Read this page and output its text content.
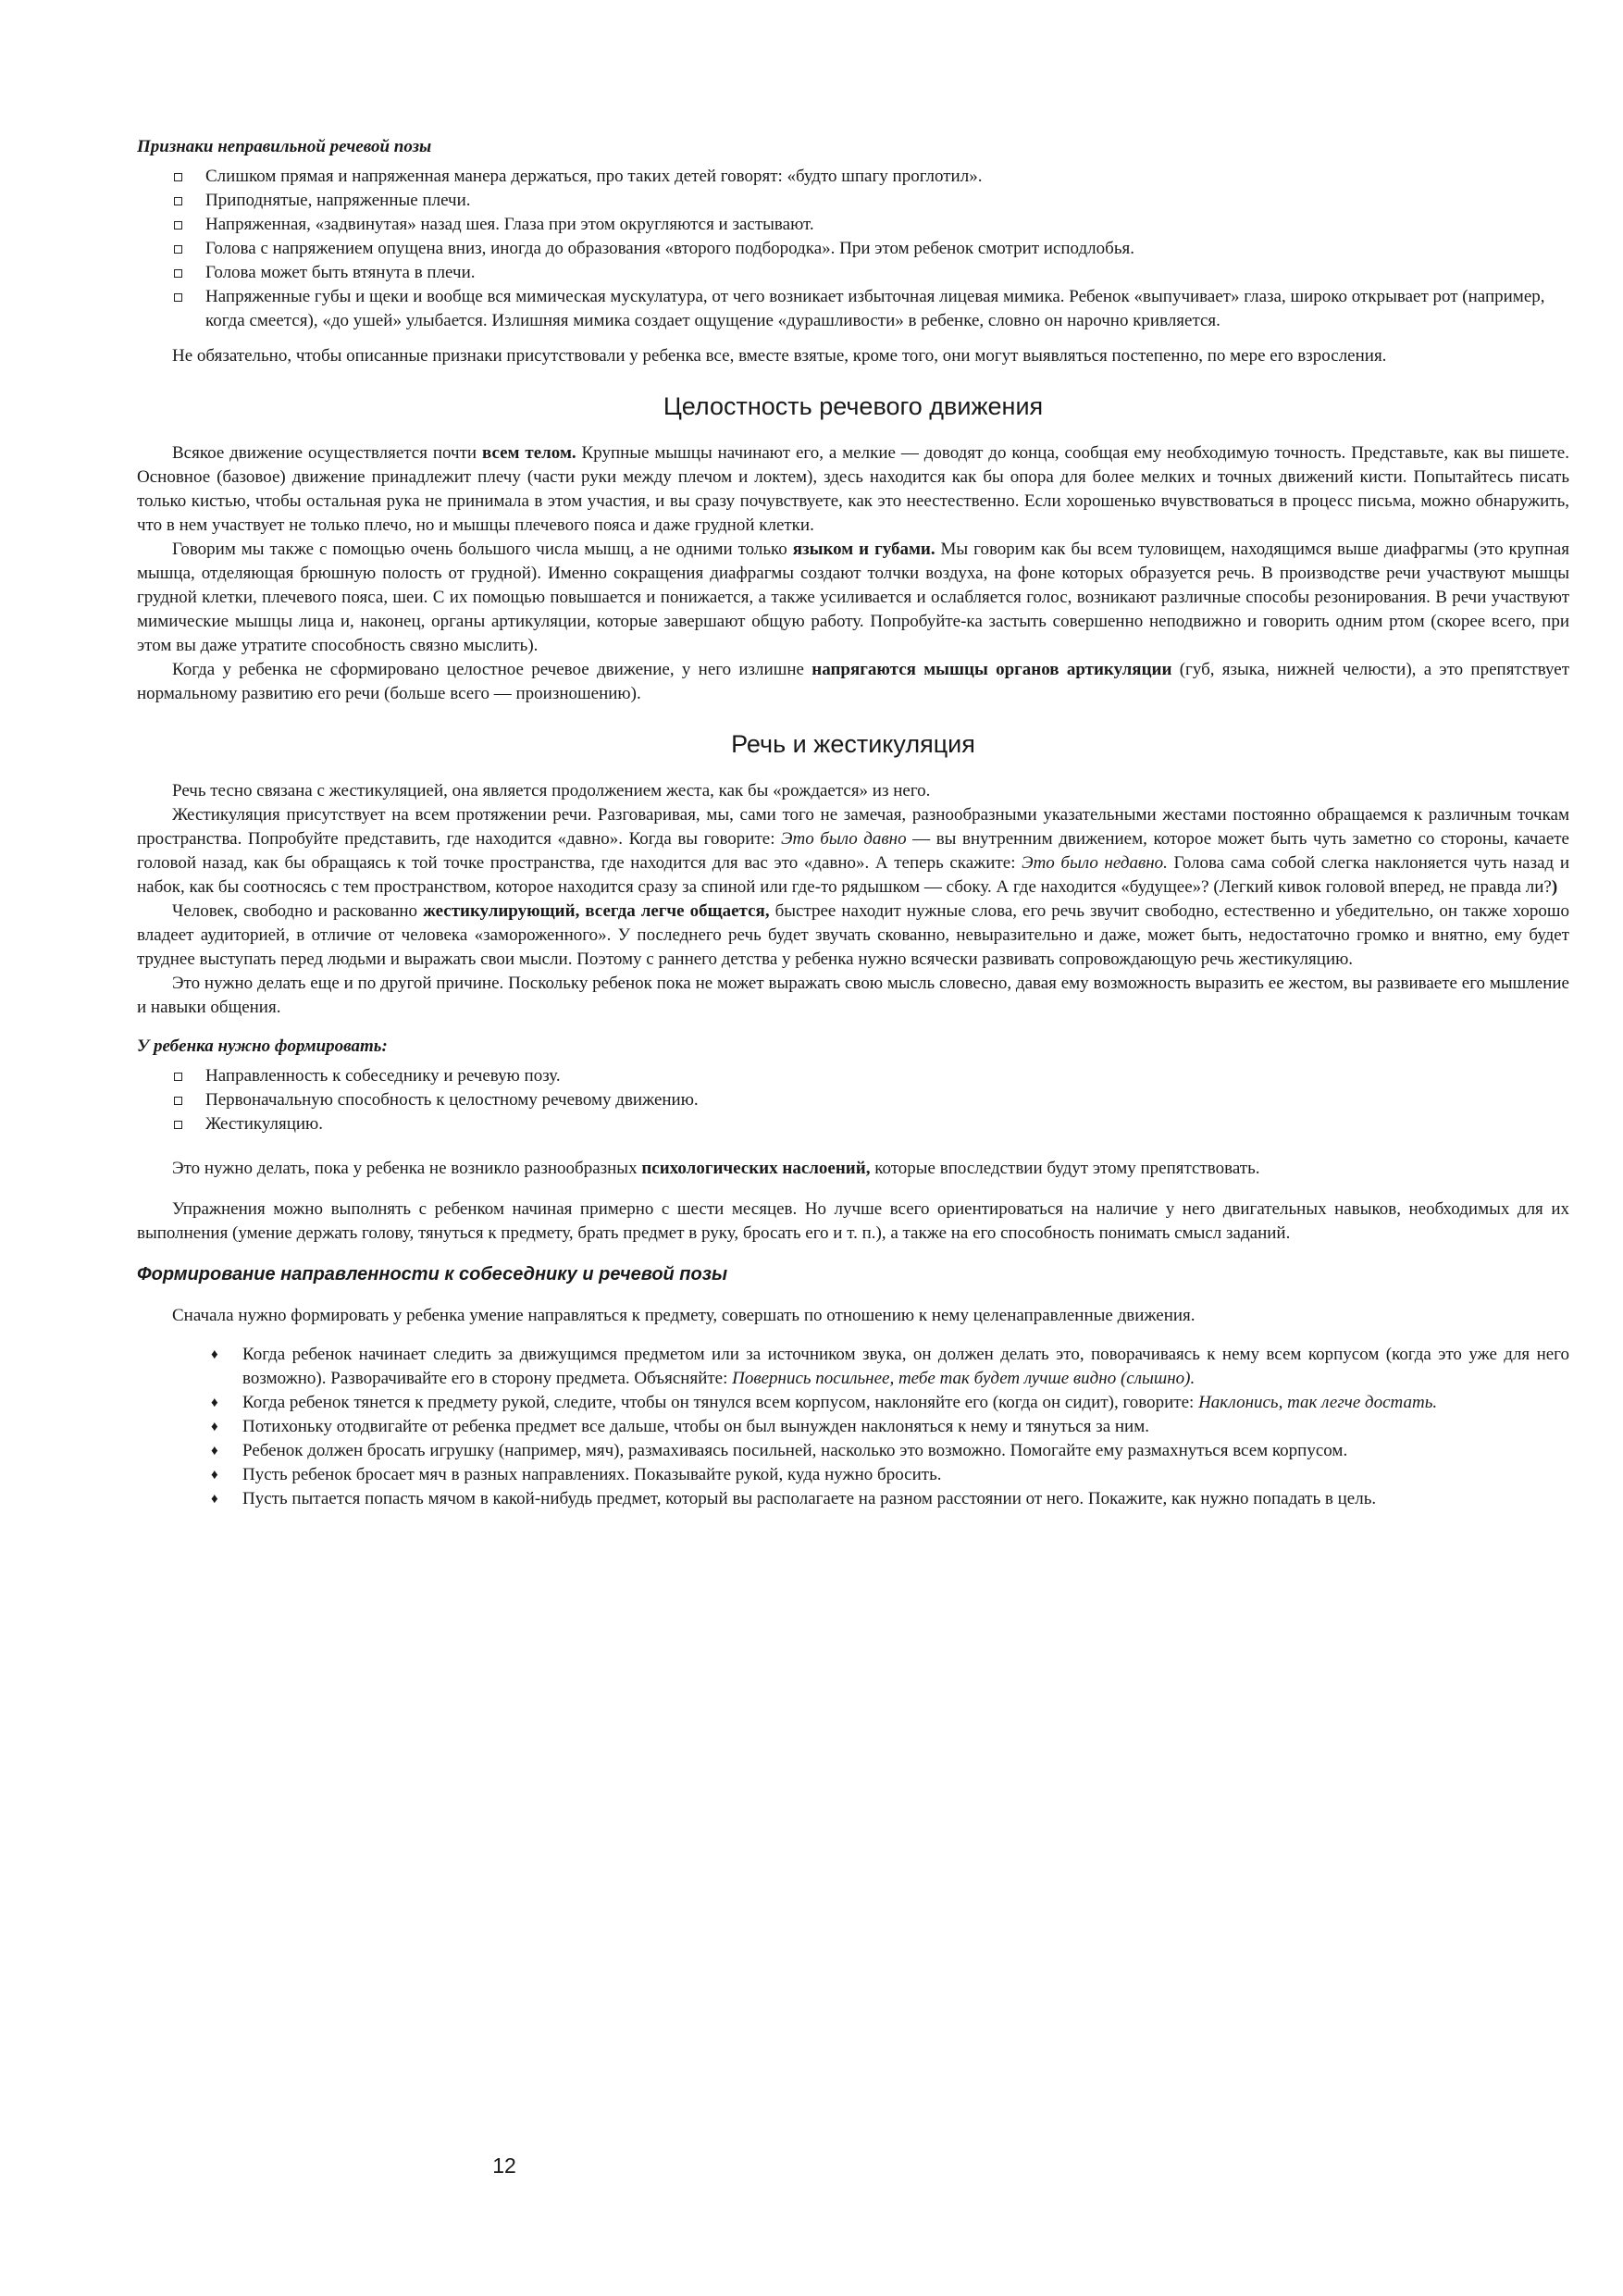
Признаки неправильной речевой позы
Слишком прямая и напряженная манера держаться, про таких детей говорят: «будто шпагу проглотил».
Приподнятые, напряженные плечи.
Напряженная, «задвинутая» назад шея. Глаза при этом округляются и застывают.
Голова с напряжением опущена вниз, иногда до образования «второго подбородка». При этом ребенок смотрит исподлобья.
Голова может быть втянута в плечи.
Напряженные губы и щеки и вообще вся мимическая мускулатура, от чего возникает избыточная лицевая мимика. Ребенок «выпучивает» глаза, широко открывает рот (например, когда смеется), «до ушей» улыбается. Излишняя мимика создает ощущение «дурашливости» в ребенке, словно он нарочно кривляется.

Не обязательно, чтобы описанные признаки присутствовали у ребенка все, вместе взятые, кроме того, они могут выявляться постепенно, по мере его взросления.

Целостность речевого движения

Всякое движение осуществляется почти всем телом. Крупные мышцы начинают его, а мелкие — доводят до конца, сообщая ему необходимую точность. Представьте, как вы пишете. Основное (базовое) движение принадлежит плечу (части руки между плечом и локтем), здесь находится как бы опора для более мелких и точных движений кисти. Попытайтесь писать только кистью, чтобы остальная рука не принимала в этом участия, и вы сразу почувствуете, как это неестественно. Если хорошенько вчувствоваться в процесс письма, можно обнаружить, что в нем участвует не только плечо, но и мышцы плечевого пояса и даже грудной клетки.

Говорим мы также с помощью очень большого числа мышц, а не одними только языком и губами. Мы говорим как бы всем туловищем, находящимся выше диафрагмы (это крупная мышца, отделяющая брюшную полость от грудной). Именно сокращения диафрагмы создают толчки воздуха, на фоне которых образуется речь. В производстве речи участвуют мышцы грудной клетки, плечевого пояса, шеи. С их помощью повышается и понижается, а также усиливается и ослабляется голос, возникают различные способы резонирования. В речи участвуют мимические мышцы лица и, наконец, органы артикуляции, которые завершают общую работу. Попробуйте-ка застыть совершенно неподвижно и говорить одним ртом (скорее всего, при этом вы даже утратите способность связно мыслить).

Когда у ребенка не сформировано целостное речевое движение, у него излишне напрягаются мышцы органов артикуляции (губ, языка, нижней челюсти), а это препятствует нормальному развитию его речи (больше всего — произношению).

Речь и жестикуляция

Речь тесно связана с жестикуляцией, она является продолжением жеста, как бы «рождается» из него.

Жестикуляция присутствует на всем протяжении речи. Разговаривая, мы, сами того не замечая, разнообразными указательными жестами постоянно обращаемся к различным точкам пространства. Попробуйте представить, где находится «давно». Когда вы говорите: Это было давно — вы внутренним движением, которое может быть чуть заметно со стороны, качаете головой назад, как бы обращаясь к той точке пространства, где находится для вас это «давно». А теперь скажите: Это было недавно. Голова сама собой слегка наклоняется чуть назад и набок, как бы соотносясь с тем пространством, которое находится сразу за спиной или где-то рядышком — сбоку. А где находится «будущее»? (Легкий кивок головой вперед, не правда ли?)

Человек, свободно и раскованно жестикулирующий, всегда легче общается, быстрее находит нужные слова, его речь звучит свободно, естественно и убедительно, он также хорошо владеет аудиторией, в отличие от человека «замороженного». У последнего речь будет звучать скованно, невыразительно и даже, может быть, недостаточно громко и внятно, ему будет труднее выступать перед людьми и выражать свои мысли. Поэтому с раннего детства у ребенка нужно всячески развивать сопровождающую речь жестикуляцию.

Это нужно делать еще и по другой причине. Поскольку ребенок пока не может выражать свою мысль словесно, давая ему возможность выразить ее жестом, вы развиваете его мышление и навыки общения.

У ребенка нужно формировать:
Направленность к собеседнику и речевую позу.
Первоначальную способность к целостному речевому движению.
Жестикуляцию.

Это нужно делать, пока у ребенка не возникло разнообразных психологических наслоений, которые впоследствии будут этому препятствовать.

Упражнения можно выполнять с ребенком начиная примерно с шести месяцев. Но лучше всего ориентироваться на наличие у него двигательных навыков, необходимых для их выполнения (умение держать голову, тянуться к предмету, брать предмет в руку, бросать его и т. п.), а также на его способность понимать смысл заданий.

Формирование направленности к собеседнику и речевой позы

Сначала нужно формировать у ребенка умение направляться к предмету, совершать по отношению к нему целенаправленные движения.

♦ Когда ребенок начинает следить за движущимся предметом или за источником звука, он должен делать это, поворачиваясь к нему всем корпусом (когда это уже для него возможно). Разворачивайте его в сторону предмета. Объясняйте: Повернись посильнее, тебе так будет лучше видно (слышно).
♦ Когда ребенок тянется к предмету рукой, следите, чтобы он тянулся всем корпусом, наклоняйте его (когда он сидит), говорите: Наклонись, так легче достать.
♦ Потихоньку отодвигайте от ребенка предмет все дальше, чтобы он был вынужден наклоняться к нему и тянуться за ним.
♦ Ребенок должен бросать игрушку (например, мяч), размахиваясь посильней, насколько это возможно. Помогайте ему размахнуться всем корпусом.
♦ Пусть ребенок бросает мяч в разных направлениях. Показывайте рукой, куда нужно бросить.
♦ Пусть пытается попасть мячом в какой-нибудь предмет, который вы располагаете на разном расстоянии от него. Покажите, как нужно попадать в цель.
12
